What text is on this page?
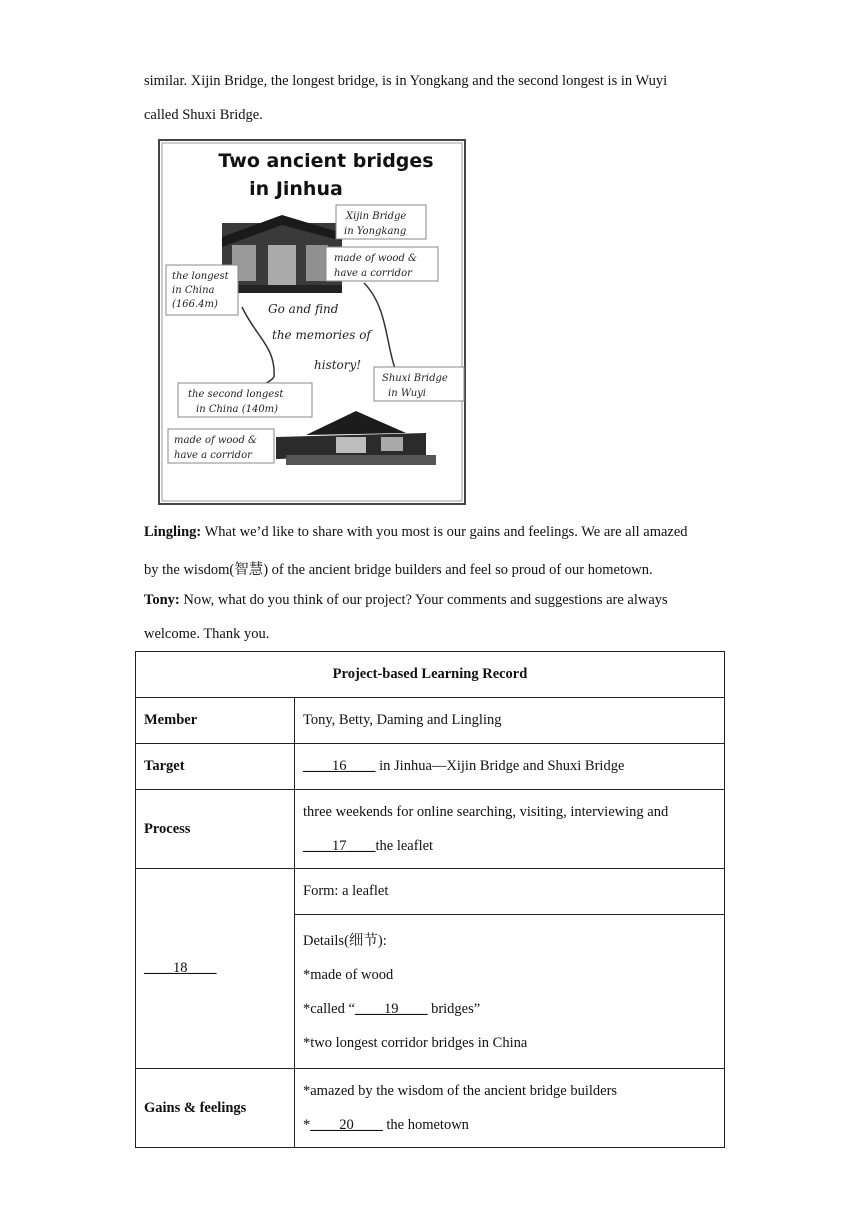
similar. Xijin Bridge, the longest bridge, is in Yongkang and the second longest is in Wuyi
called Shuxi Bridge.
Two ancient bridges
in Jinhua
Xijin Bridge
in Yongkang
made of wood &
have a corridor
the longest
in China
(166.4m)	Go and find
the memories of
history!
the second longest
in China (140m)
Shuxi Bridge
in Wuyi
made of wood &
have a corridor
Lingling: What we’d like to share with you most is our gains and feelings. We are all amazed
by the wisdom(智慧) of the ancient bridge builders and feel so proud of our hometown.
Tony: Now, what do you think of our project? Your comments and suggestions are always
welcome. Thank you.
Project-based Learning Record	
Member	Tony, Betty, Daming and Lingling
Target	____16____ in Jinhua—Xijin Bridge and Shuxi Bridge
Process	three weekends for online searching, visiting, interviewing and
____17____the leaflet

____18____	Form: a leaflet

	Details(细节):
*made of wood
*called “____19____ bridges”
*two longest corridor bridges in China

Gains & feelings	*amazed by the wisdom of the ancient bridge builders
*____20____ the hometown
